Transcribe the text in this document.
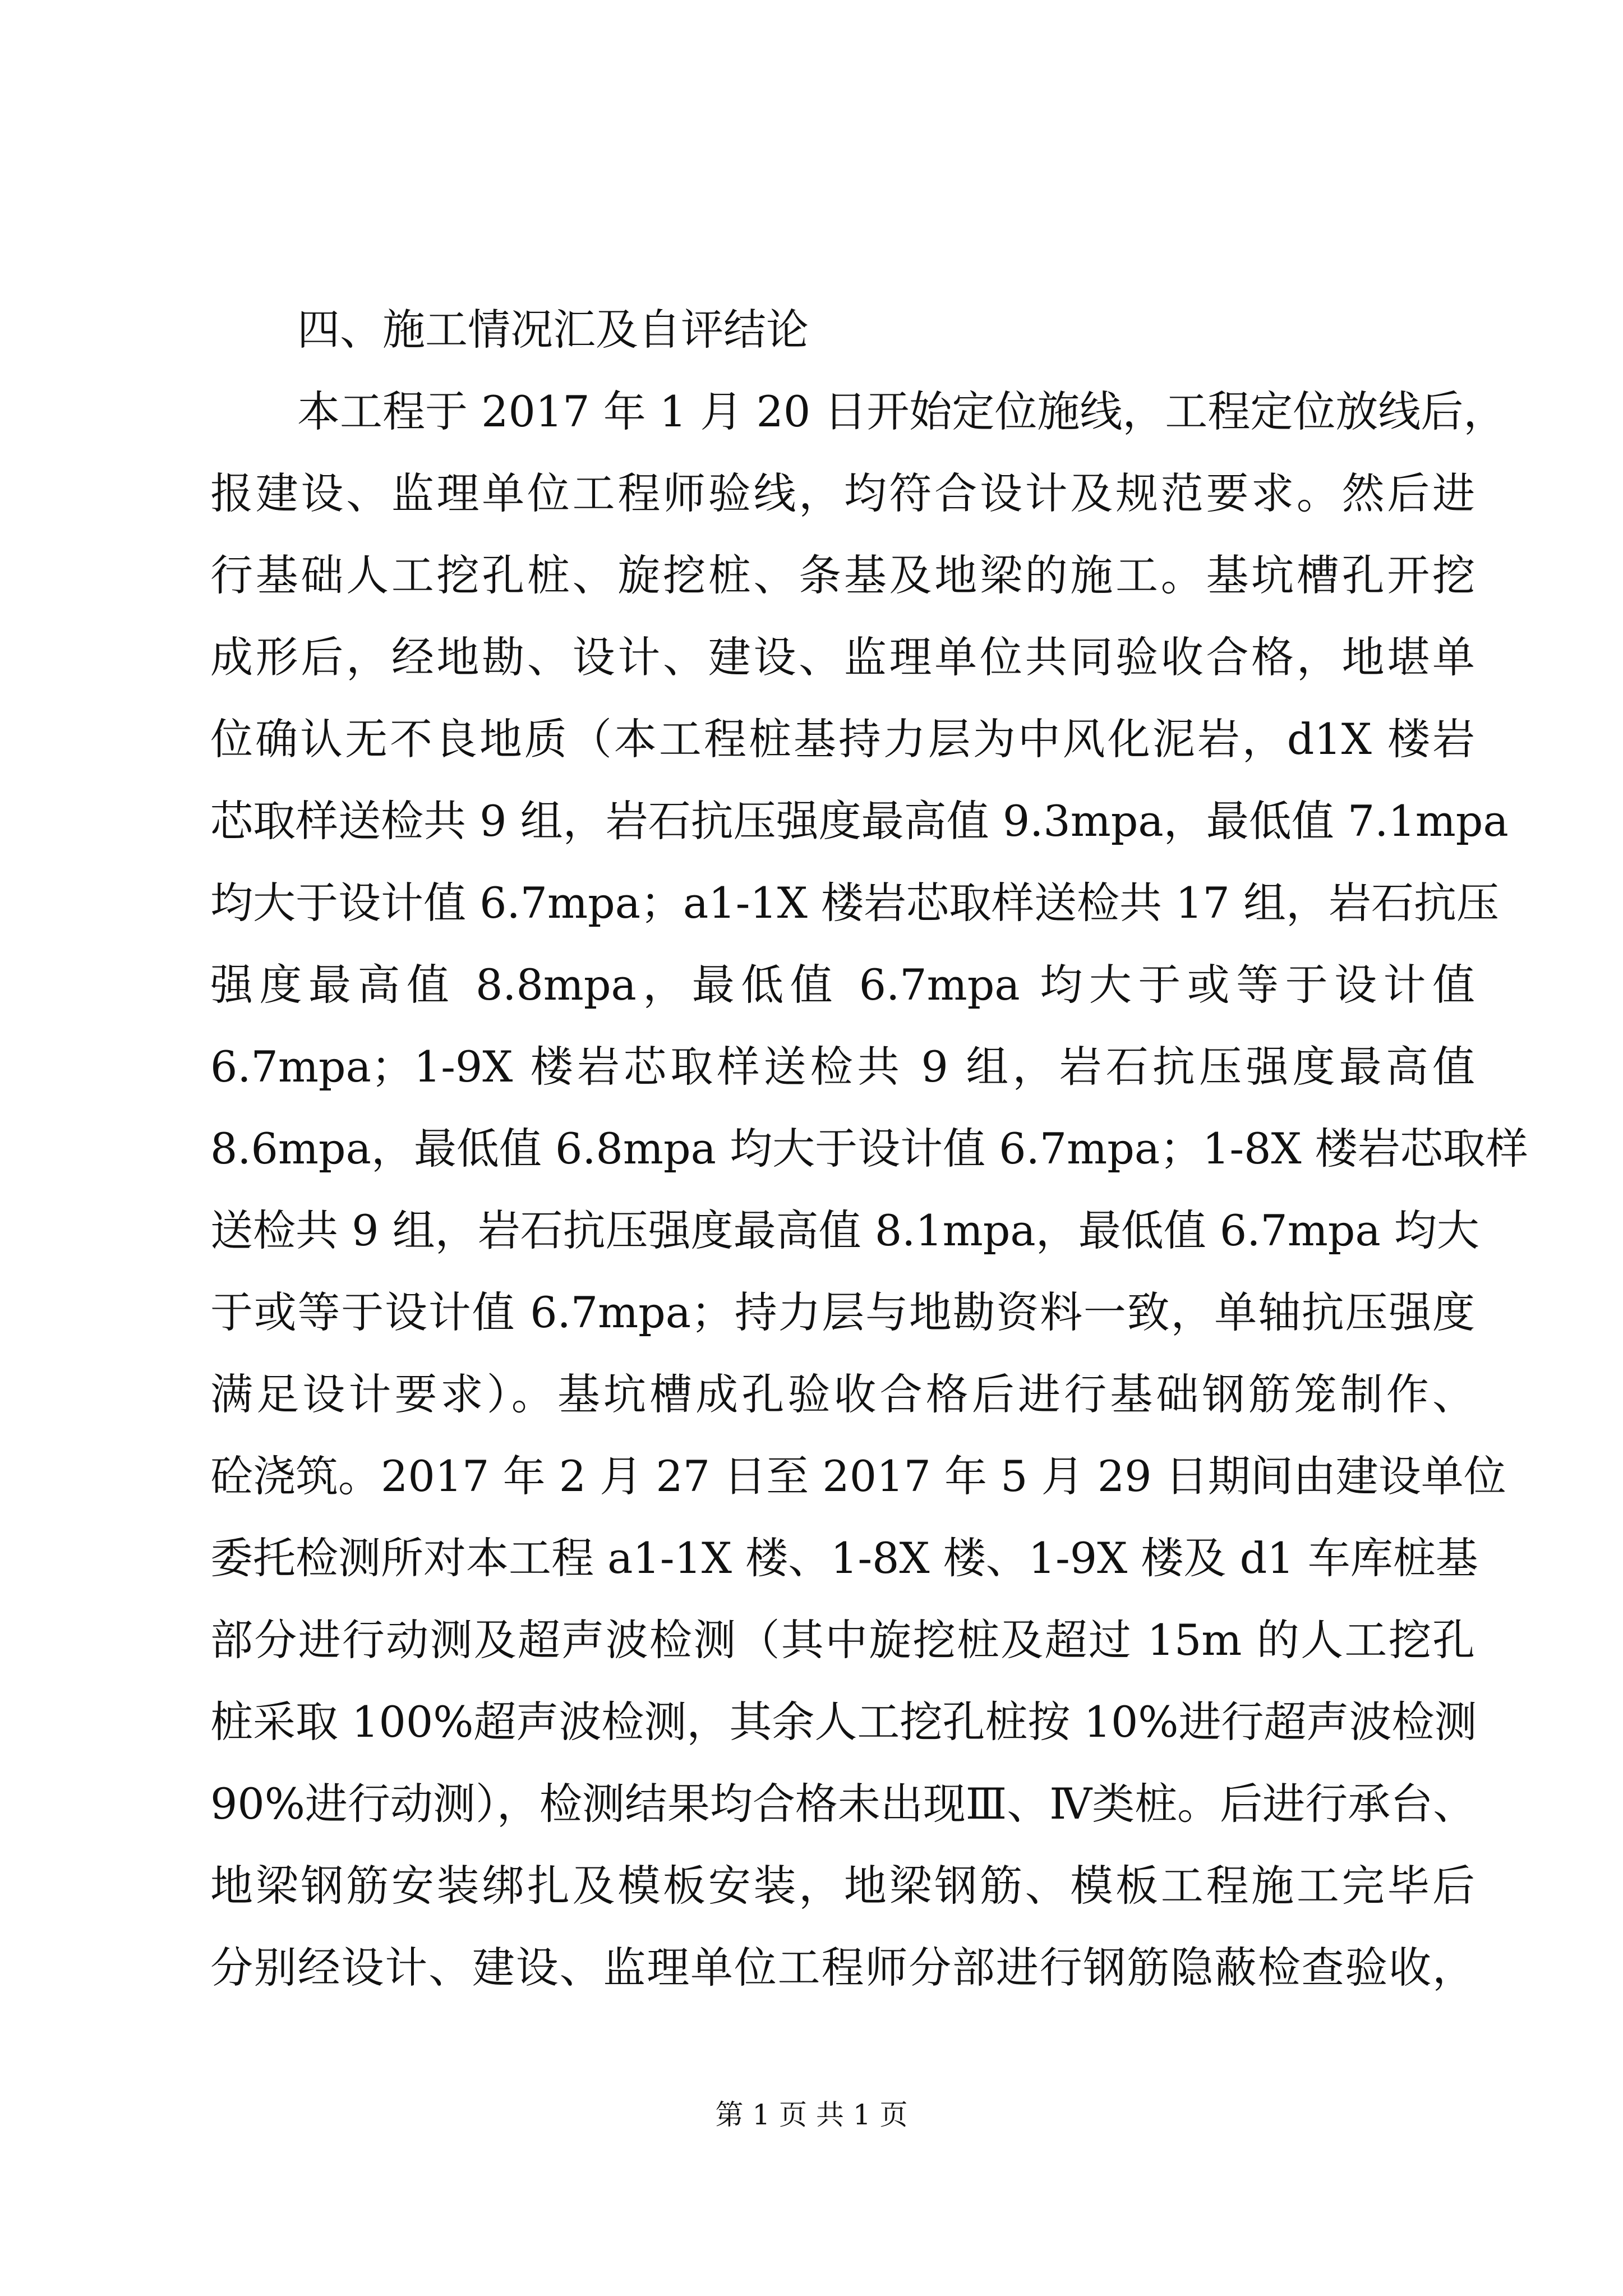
四、施工情况汇及自评结论
本工程于 2017 年 1 月 20 日开始定位施线，工程定位放线后，
报建设、监理单位工程师验线，均符合设计及规范要求。然后进
行基础人工挖孔桩、旋挖桩、条基及地梁的施工。基坑槽孔开挖
成形后，经地勘、设计、建设、监理单位共同验收合格，地堪单
位确认无不良地质（本工程桩基持力层为中风化泥岩，d1X 楼岩
芯取样送检共 9 组，岩石抗压强度最高值 9.3mpa，最低值 7.1mpa
均大于设计值 6.7mpa；a1-1X 楼岩芯取样送检共 17 组，岩石抗压
强度最高值 8.8mpa，最低值 6.7mpa 均大于或等于设计值
6.7mpa；1-9X 楼岩芯取样送检共 9 组，岩石抗压强度最高值
8.6mpa，最低值 6.8mpa 均大于设计值 6.7mpa；1-8X 楼岩芯取样
送检共 9 组，岩石抗压强度最高值 8.1mpa，最低值 6.7mpa 均大
于或等于设计值 6.7mpa；持力层与地勘资料一致，单轴抗压强度
满足设计要求）。基坑槽成孔验收合格后进行基础钢筋笼制作、
砼浇筑。2017 年 2 月 27 日至 2017 年 5 月 29 日期间由建设单位
委托检测所对本工程 a1-1X 楼、1-8X 楼、1-9X 楼及 d1 车库桩基
部分进行动测及超声波检测（其中旋挖桩及超过 15m 的人工挖孔
桩采取 100%超声波检测，其余人工挖孔桩按 10%进行超声波检测
90%进行动测），检测结果均合格未出现Ⅲ、Ⅳ类桩。后进行承台、
地梁钢筋安装绑扎及模板安装，地梁钢筋、模板工程施工完毕后
分别经设计、建设、监理单位工程师分部进行钢筋隐蔽检查验收，
第 1 页 共 1 页
